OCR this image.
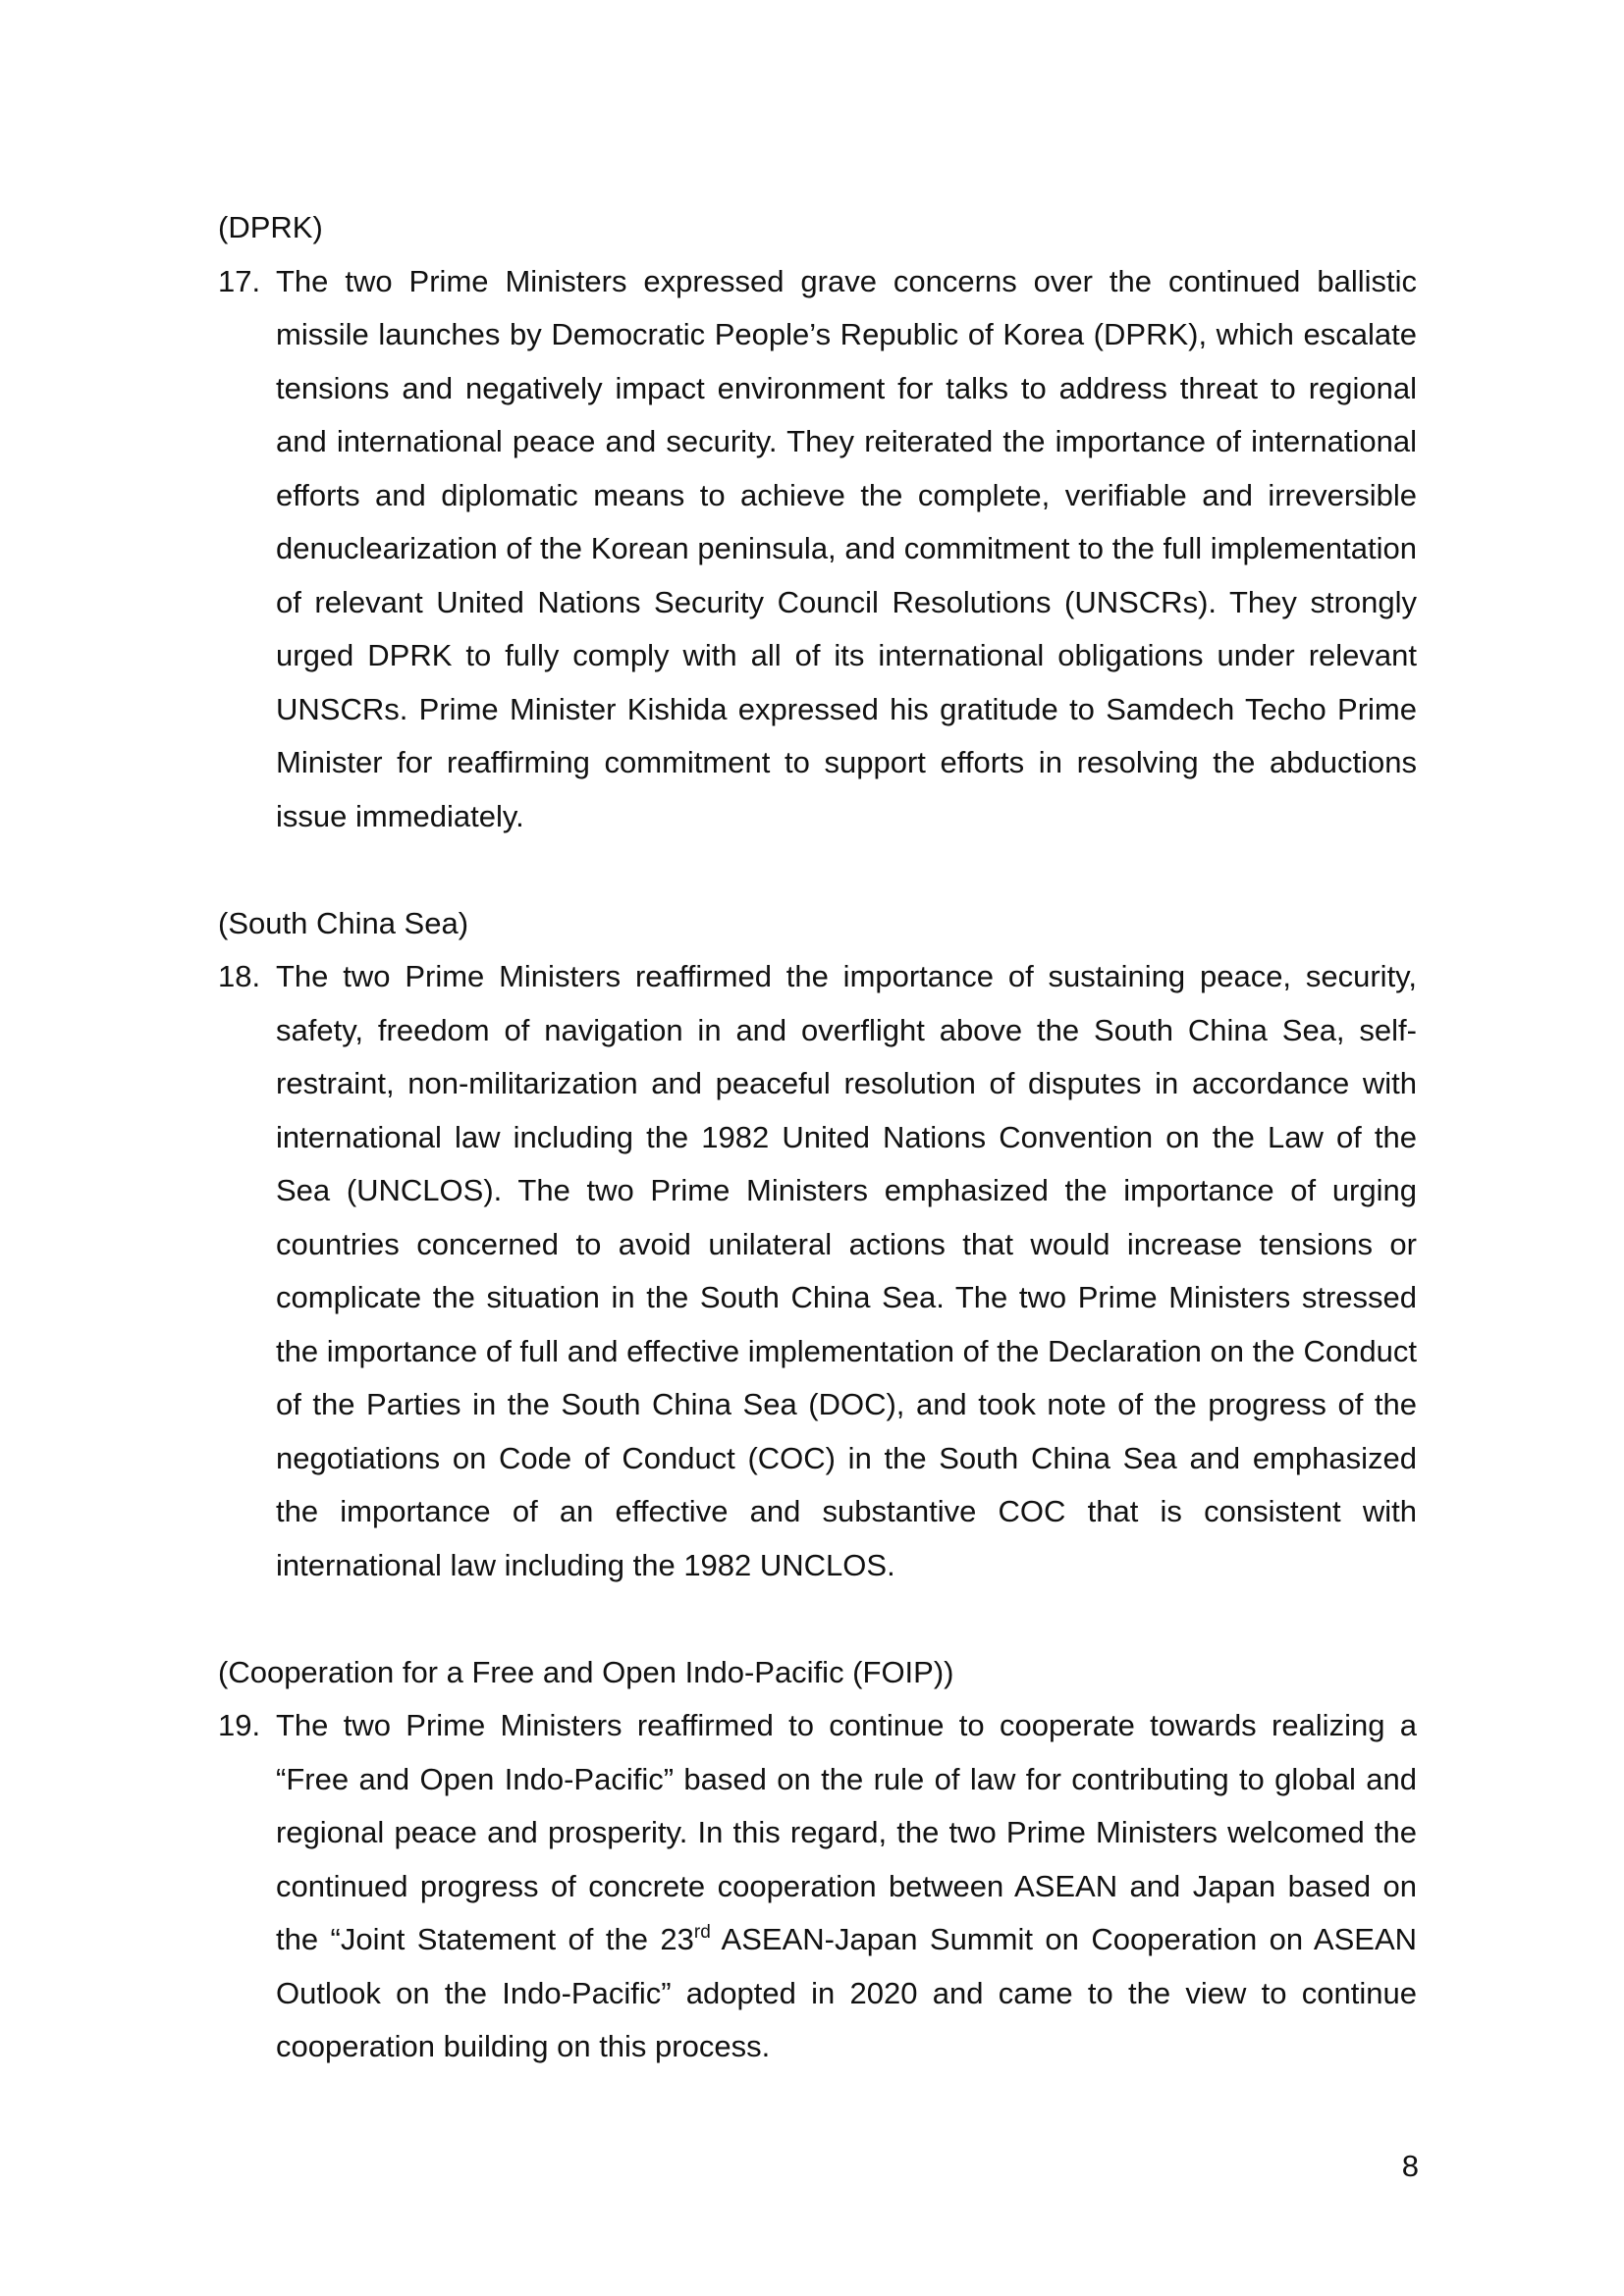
(DPRK)
17. The two Prime Ministers expressed grave concerns over the continued ballistic missile launches by Democratic People’s Republic of Korea (DPRK), which escalate tensions and negatively impact environment for talks to address threat to regional and international peace and security. They reiterated the importance of international efforts and diplomatic means to achieve the complete, verifiable and irreversible denuclearization of the Korean peninsula, and commitment to the full implementation of relevant United Nations Security Council Resolutions (UNSCRs). They strongly urged DPRK to fully comply with all of its international obligations under relevant UNSCRs. Prime Minister Kishida expressed his gratitude to Samdech Techo Prime Minister for reaffirming commitment to support efforts in resolving the abductions issue immediately.
(South China Sea)
18. The two Prime Ministers reaffirmed the importance of sustaining peace, security, safety, freedom of navigation in and overflight above the South China Sea, self-restraint, non-militarization and peaceful resolution of disputes in accordance with international law including the 1982 United Nations Convention on the Law of the Sea (UNCLOS). The two Prime Ministers emphasized the importance of urging countries concerned to avoid unilateral actions that would increase tensions or complicate the situation in the South China Sea. The two Prime Ministers stressed the importance of full and effective implementation of the Declaration on the Conduct of the Parties in the South China Sea (DOC), and took note of the progress of the negotiations on Code of Conduct (COC) in the South China Sea and emphasized the importance of an effective and substantive COC that is consistent with international law including the 1982 UNCLOS.
(Cooperation for a Free and Open Indo-Pacific (FOIP))
19. The two Prime Ministers reaffirmed to continue to cooperate towards realizing a “Free and Open Indo-Pacific” based on the rule of law for contributing to global and regional peace and prosperity. In this regard, the two Prime Ministers welcomed the continued progress of concrete cooperation between ASEAN and Japan based on the “Joint Statement of the 23rd ASEAN-Japan Summit on Cooperation on ASEAN Outlook on the Indo-Pacific” adopted in 2020 and came to the view to continue cooperation building on this process.
8
